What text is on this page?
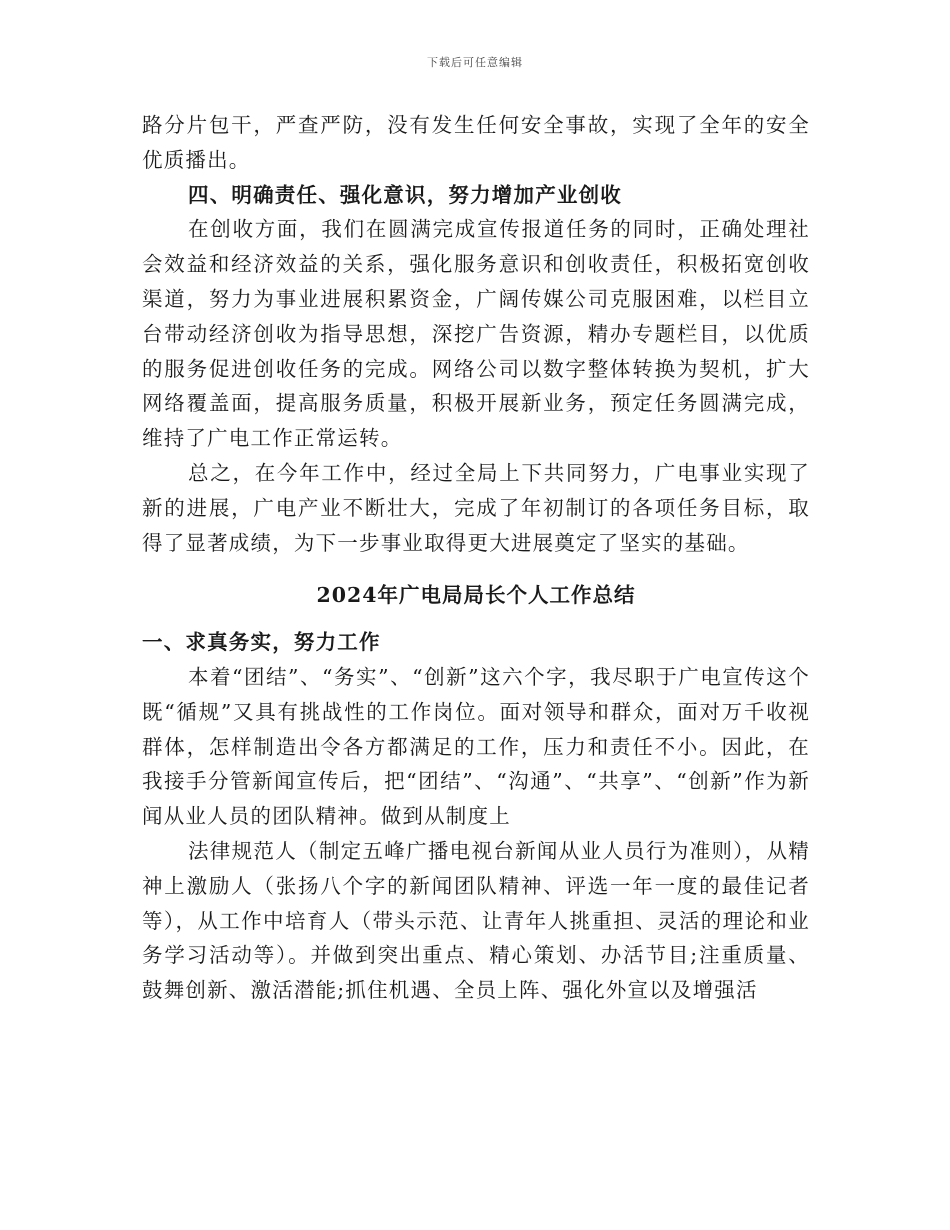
下载后可任意编辑

路分片包干，严查严防，没有发生任何安全事故，实现了全年的安全优质播出。

四、明确责任、强化意识，努力增加产业创收

在创收方面，我们在圆满完成宣传报道任务的同时，正确处理社会效益和经济效益的关系，强化服务意识和创收责任，积极拓宽创收渠道，努力为事业进展积累资金，广阔传媒公司克服困难，以栏目立台带动经济创收为指导思想，深挖广告资源，精办专题栏目，以优质的服务促进创收任务的完成。网络公司以数字整体转换为契机，扩大网络覆盖面，提高服务质量，积极开展新业务，预定任务圆满完成，维持了广电工作正常运转。

总之，在今年工作中，经过全局上下共同努力，广电事业实现了新的进展，广电产业不断壮大，完成了年初制订的各项任务目标，取得了显著成绩，为下一步事业取得更大进展奠定了坚实的基础。

2024年广电局局长个人工作总结

一、求真务实，努力工作

本着“团结”、“务实”、“创新”这六个字，我尽职于广电宣传这个既“循规”又具有挑战性的工作岗位。面对领导和群众，面对万千收视群体，怎样制造出令各方都满足的工作，压力和责任不小。因此，在我接手分管新闻宣传后，把“团结”、“沟通”、“共享”、“创新”作为新闻从业人员的团队精神。做到从制度上

法律规范人（制定五峰广播电视台新闻从业人员行为准则），从精神上激励人（张扬八个字的新闻团队精神、评选一年一度的最佳记者等），从工作中培育人（带头示范、让青年人挑重担、灵活的理论和业务学习活动等）。并做到突出重点、精心策划、办活节目;注重质量、鼓舞创新、激活潜能;抓住机遇、全员上阵、强化外宣以及增强活
